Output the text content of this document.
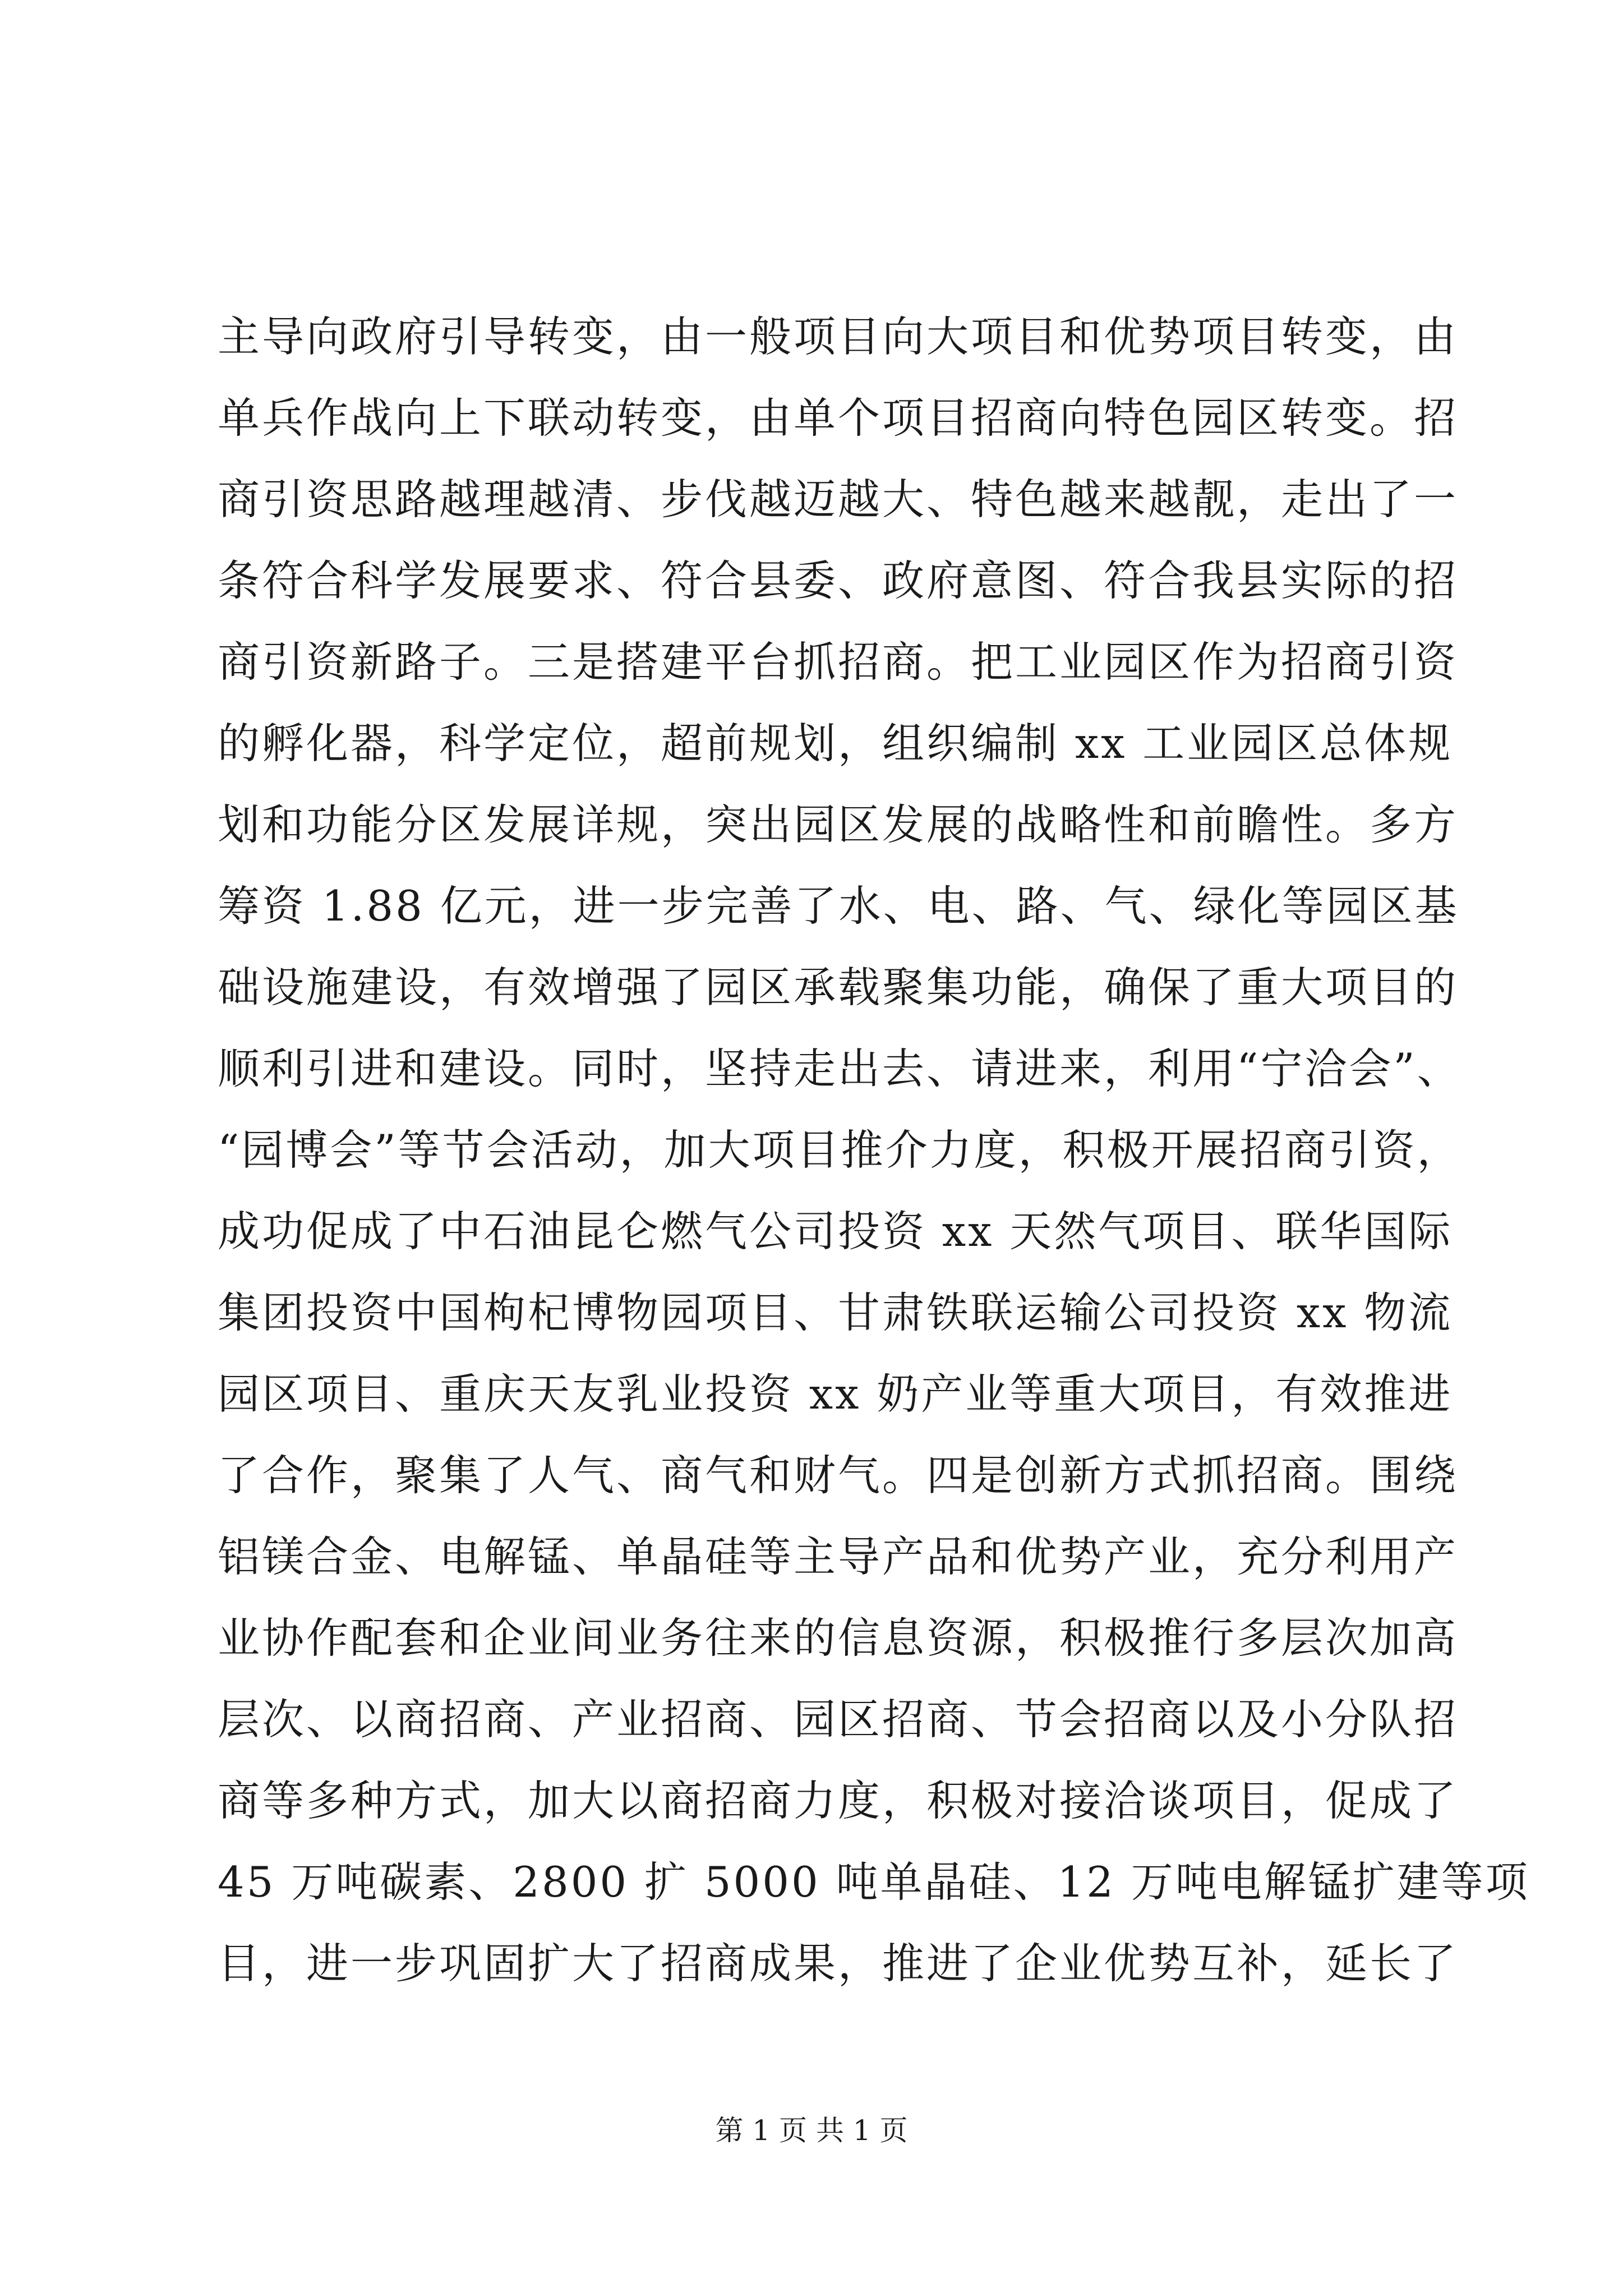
主导向政府引导转变，由一般项目向大项目和优势项目转变，由
单兵作战向上下联动转变，由单个项目招商向特色园区转变。招
商引资思路越理越清、步伐越迈越大、特色越来越靓，走出了一
条符合科学发展要求、符合县委、政府意图、符合我县实际的招
商引资新路子。三是搭建平台抓招商。把工业园区作为招商引资
的孵化器，科学定位，超前规划，组织编制 xx 工业园区总体规
划和功能分区发展详规，突出园区发展的战略性和前瞻性。多方
筹资 1.88 亿元，进一步完善了水、电、路、气、绿化等园区基
础设施建设，有效增强了园区承载聚集功能，确保了重大项目的
顺利引进和建设。同时，坚持走出去、请进来，利用“宁洽会”、
“园博会”等节会活动，加大项目推介力度，积极开展招商引资，
成功促成了中石油昆仑燃气公司投资 xx 天然气项目、联华国际
集团投资中国枸杞博物园项目、甘肃铁联运输公司投资 xx 物流
园区项目、重庆天友乳业投资 xx 奶产业等重大项目，有效推进
了合作，聚集了人气、商气和财气。四是创新方式抓招商。围绕
铝镁合金、电解锰、单晶硅等主导产品和优势产业，充分利用产
业协作配套和企业间业务往来的信息资源，积极推行多层次加高
层次、以商招商、产业招商、园区招商、节会招商以及小分队招
商等多种方式，加大以商招商力度，积极对接洽谈项目，促成了
45 万吨碳素、2800 扩 5000 吨单晶硅、12 万吨电解锰扩建等项
目，进一步巩固扩大了招商成果，推进了企业优势互补，延长了
第 1 页 共 1 页
